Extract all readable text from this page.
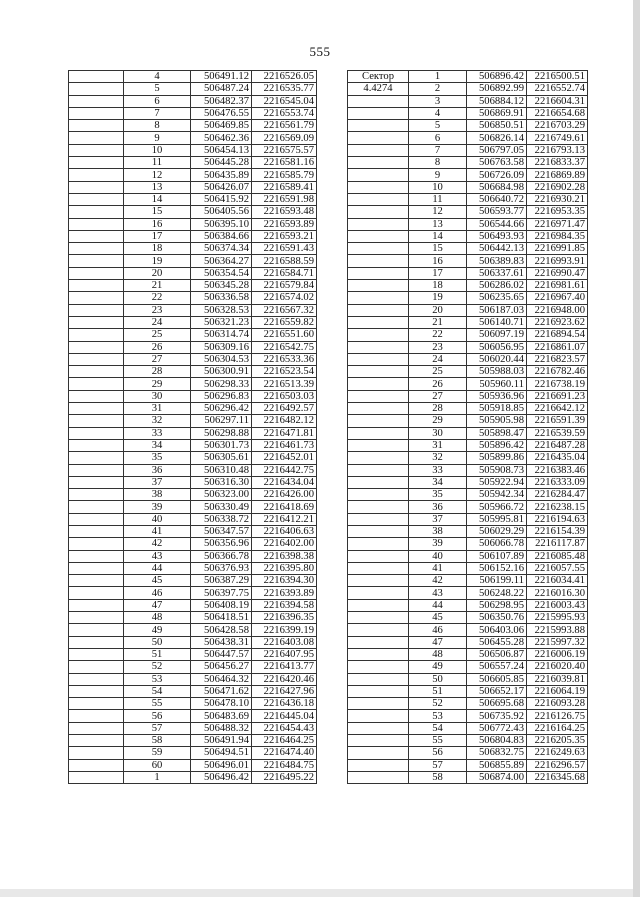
555
	4	506491.12	2216526.05
	5	506487.24	2216535.77
	6	506482.37	2216545.04
	7	506476.55	2216553.74
	8	506469.85	2216561.79
	9	506462.36	2216569.09
	10	506454.13	2216575.57
	11	506445.28	2216581.16
	12	506435.89	2216585.79
	13	506426.07	2216589.41
	14	506415.92	2216591.98
	15	506405.56	2216593.48
	16	506395.10	2216593.89
	17	506384.66	2216593.21
	18	506374.34	2216591.43
	19	506364.27	2216588.59
	20	506354.54	2216584.71
	21	506345.28	2216579.84
	22	506336.58	2216574.02
	23	506328.53	2216567.32
	24	506321.23	2216559.82
	25	506314.74	2216551.60
	26	506309.16	2216542.75
	27	506304.53	2216533.36
	28	506300.91	2216523.54
	29	506298.33	2216513.39
	30	506296.83	2216503.03
	31	506296.42	2216492.57
	32	506297.11	2216482.12
	33	506298.88	2216471.81
	34	506301.73	2216461.73
	35	506305.61	2216452.01
	36	506310.48	2216442.75
	37	506316.30	2216434.04
	38	506323.00	2216426.00
	39	506330.49	2216418.69
	40	506338.72	2216412.21
	41	506347.57	2216406.63
	42	506356.96	2216402.00
	43	506366.78	2216398.38
	44	506376.93	2216395.80
	45	506387.29	2216394.30
	46	506397.75	2216393.89
	47	506408.19	2216394.58
	48	506418.51	2216396.35
	49	506428.58	2216399.19
	50	506438.31	2216403.08
	51	506447.57	2216407.95
	52	506456.27	2216413.77
	53	506464.32	2216420.46
	54	506471.62	2216427.96
	55	506478.10	2216436.18
	56	506483.69	2216445.04
	57	506488.32	2216454.43
	58	506491.94	2216464.25
	59	506494.51	2216474.40
	60	506496.01	2216484.75
	1	506496.42	2216495.22
Сектор	1	506896.42	2216500.51
4.4274	2	506892.99	2216552.74
	3	506884.12	2216604.31
	4	506869.91	2216654.68
	5	506850.51	2216703.29
	6	506826.14	2216749.61
	7	506797.05	2216793.13
	8	506763.58	2216833.37
	9	506726.09	2216869.89
	10	506684.98	2216902.28
	11	506640.72	2216930.21
	12	506593.77	2216953.35
	13	506544.66	2216971.47
	14	506493.93	2216984.35
	15	506442.13	2216991.85
	16	506389.83	2216993.91
	17	506337.61	2216990.47
	18	506286.02	2216981.61
	19	506235.65	2216967.40
	20	506187.03	2216948.00
	21	506140.71	2216923.62
	22	506097.19	2216894.54
	23	506056.95	2216861.07
	24	506020.44	2216823.57
	25	505988.03	2216782.46
	26	505960.11	2216738.19
	27	505936.96	2216691.23
	28	505918.85	2216642.12
	29	505905.98	2216591.39
	30	505898.47	2216539.59
	31	505896.42	2216487.28
	32	505899.86	2216435.04
	33	505908.73	2216383.46
	34	505922.94	2216333.09
	35	505942.34	2216284.47
	36	505966.72	2216238.15
	37	505995.81	2216194.63
	38	506029.29	2216154.39
	39	506066.78	2216117.87
	40	506107.89	2216085.48
	41	506152.16	2216057.55
	42	506199.11	2216034.41
	43	506248.22	2216016.30
	44	506298.95	2216003.43
	45	506350.76	2215995.93
	46	506403.06	2215993.88
	47	506455.28	2215997.32
	48	506506.87	2216006.19
	49	506557.24	2216020.40
	50	506605.85	2216039.81
	51	506652.17	2216064.19
	52	506695.68	2216093.28
	53	506735.92	2216126.75
	54	506772.43	2216164.25
	55	506804.83	2216205.35
	56	506832.75	2216249.63
	57	506855.89	2216296.57
	58	506874.00	2216345.68
